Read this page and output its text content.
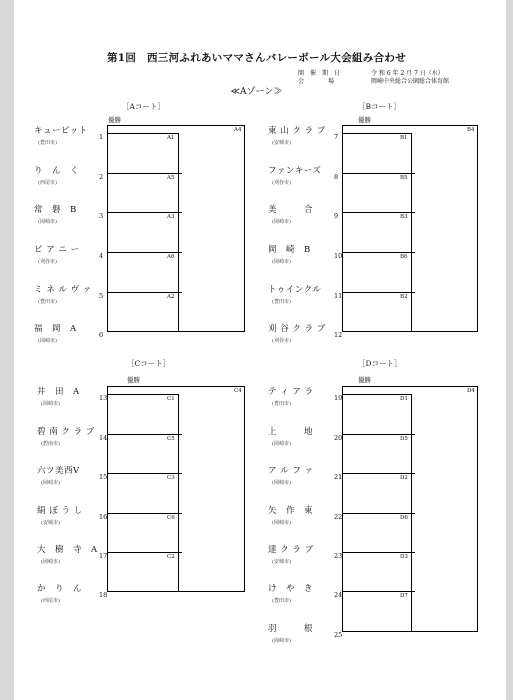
第1回　西三河ふれあいママさんバレーボール大会組み合わせ
開　催　期　日	令 和 6 年 2 月 7 日（水）
会　　　　場	岡崎中央総合公園総合体育館
≪Aゾーン≫
［Aコート］
優勝
A4
キューピット
(豊田市)
1
り　ん　く
(西尾市)
2
常　磐　B
(岡崎市)
3
ピ ア ニ ー
(刈谷市)
4
ミ ネ ル ヴ ァ
(豊田市)
5
福　岡　A
(岡崎市)
6
A1
A5
A3
A6
A2
［Bコート］
優勝
B4
東 山 ク ラ ブ
(安城市)
7
ファンキーズ
(刈谷市)
8
美　　　合
(岡崎市)
9
岡　崎　B
(岡崎市)
10
トゥインクル
(豊田市)
11
刈 谷 ク ラ ブ
(刈谷市)
12
B1
B5
B3
B6
B2
［Cコート］
優勝
C4
井　田　A
(岡崎市)
13
碧 南 ク ラ ブ
(碧南市)
14
六ツ美西V
(岡崎市)
15
絹 ぼ う し
(安城市)
16
大　樹　寺　A
(岡崎市)
17
か　り　ん
(西尾市)
18
C1
C5
C3
C6
C2
［Dコート］
優勝
D4
テ ィ ア ラ
(豊田市)
19
上　　　地
(岡崎市)
20
ア ル フ ァ
(岡崎市)
21
矢　作　東
(岡崎市)
22
達 ク ラ ブ
(安城市)
23
け　や　き
(豊田市)
24
羽　　　根
(岡崎市)
25
D1
D5
D2
D6
D3
D7
